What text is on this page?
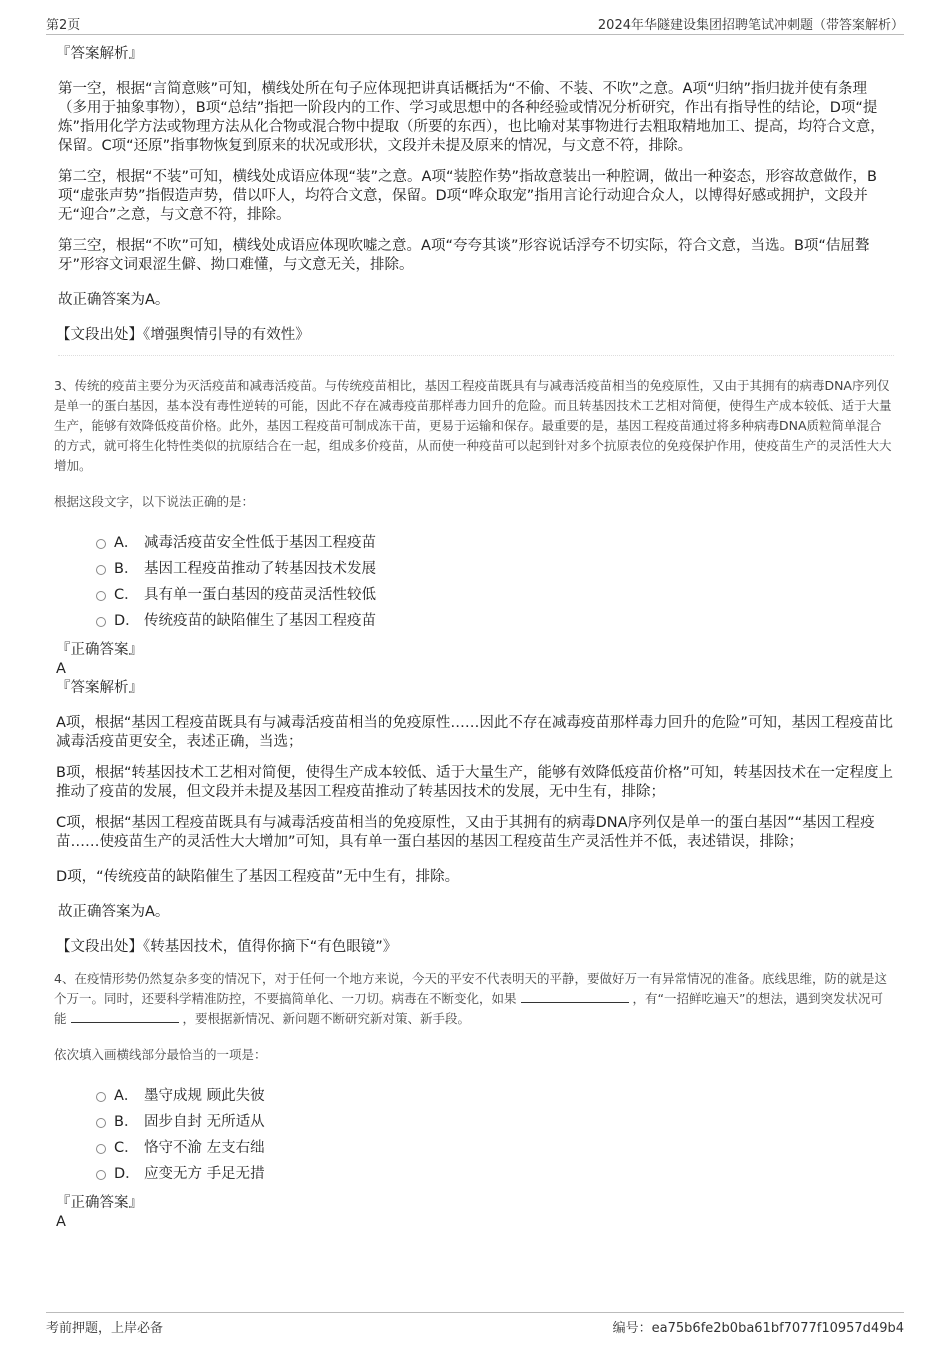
第2页	2024年华隧建设集团招聘笔试冲刺题（带答案解析）

『答案解析』

第一空，根据“言简意赅”可知，横线处所在句子应体现把讲真话概括为“不偷、不装、不吹”之意。A项“归纳”指归拢并使有条理（多用于抽象事物），B项“总结”指把一阶段内的工作、学习或思想中的各种经验或情况分析研究，作出有指导性的结论，D项“提炼”指用化学方法或物理方法从化合物或混合物中提取（所要的东西），也比喻对某事物进行去粗取精地加工、提高，均符合文意，保留。C项“还原”指事物恢复到原来的状况或形状，文段并未提及原来的情况，与文意不符，排除。

第二空，根据“不装”可知，横线处成语应体现“装”之意。A项“装腔作势”指故意装出一种腔调，做出一种姿态，形容故意做作，B项“虚张声势”指假造声势，借以吓人，均符合文意，保留。D项“哗众取宠”指用言论行动迎合众人，以博得好感或拥护，文段并无“迎合”之意，与文意不符，排除。

第三空，根据“不吹”可知，横线处成语应体现吹嘘之意。A项“夸夸其谈”形容说话浮夸不切实际，符合文意，当选。B项“佶屈聱牙”形容文词艰涩生僻、拗口难懂，与文意无关，排除。

故正确答案为A。

【文段出处】《增强舆情引导的有效性》

3、传统的疫苗主要分为灭活疫苗和减毒活疫苗。与传统疫苗相比，基因工程疫苗既具有与减毒活疫苗相当的免疫原性，又由于其拥有的病毒DNA序列仅是单一的蛋白基因，基本没有毒性逆转的可能，因此不存在减毒疫苗那样毒力回升的危险。而且转基因技术工艺相对简便，使得生产成本较低、适于大量生产，能够有效降低疫苗价格。此外，基因工程疫苗可制成冻干苗，更易于运输和保存。最重要的是，基因工程疫苗通过将多种病毒DNA质粒简单混合的方式，就可将生化特性类似的抗原结合在一起，组成多价疫苗，从而使一种疫苗可以起到针对多个抗原表位的免疫保护作用，使疫苗生产的灵活性大大增加。

根据这段文字，以下说法正确的是：

A． 减毒活疫苗安全性低于基因工程疫苗
B． 基因工程疫苗推动了转基因技术发展
C． 具有单一蛋白基因的疫苗灵活性较低
D． 传统疫苗的缺陷催生了基因工程疫苗

『正确答案』

A

『答案解析』

A项，根据“基因工程疫苗既具有与减毒活疫苗相当的免疫原性……因此不存在减毒疫苗那样毒力回升的危险”可知，基因工程疫苗比减毒活疫苗更安全，表述正确，当选；

B项，根据“转基因技术工艺相对简便，使得生产成本较低、适于大量生产，能够有效降低疫苗价格”可知，转基因技术在一定程度上推动了疫苗的发展，但文段并未提及基因工程疫苗推动了转基因技术的发展，无中生有，排除；

C项，根据“基因工程疫苗既具有与减毒活疫苗相当的免疫原性，又由于其拥有的病毒DNA序列仅是单一的蛋白基因”“基因工程疫苗……使疫苗生产的灵活性大大增加”可知，具有单一蛋白基因的基因工程疫苗生产灵活性并不低，表述错误，排除；

D项，“传统疫苗的缺陷催生了基因工程疫苗”无中生有，排除。

故正确答案为A。

【文段出处】《转基因技术，值得你摘下“有色眼镜”》

4、在疫情形势仍然复杂多变的情况下，对于任何一个地方来说，今天的平安不代表明天的平静，要做好万一有异常情况的准备。底线思维，防的就是这个万一。同时，还要科学精准防控，不要搞简单化、一刀切。病毒在不断变化，如果	，有“一招鲜吃遍天”的想法，遇到突发状况可能	，要根据新情况、新问题不断研究新对策、新手段。

依次填入画横线部分最恰当的一项是：

A． 墨守成规 顾此失彼
B． 固步自封 无所适从
C． 恪守不渝 左支右绌
D． 应变无方 手足无措

『正确答案』

A

考前押题，上岸必备	编号：ea75b6fe2b0ba61bf7077f10957d49b4
